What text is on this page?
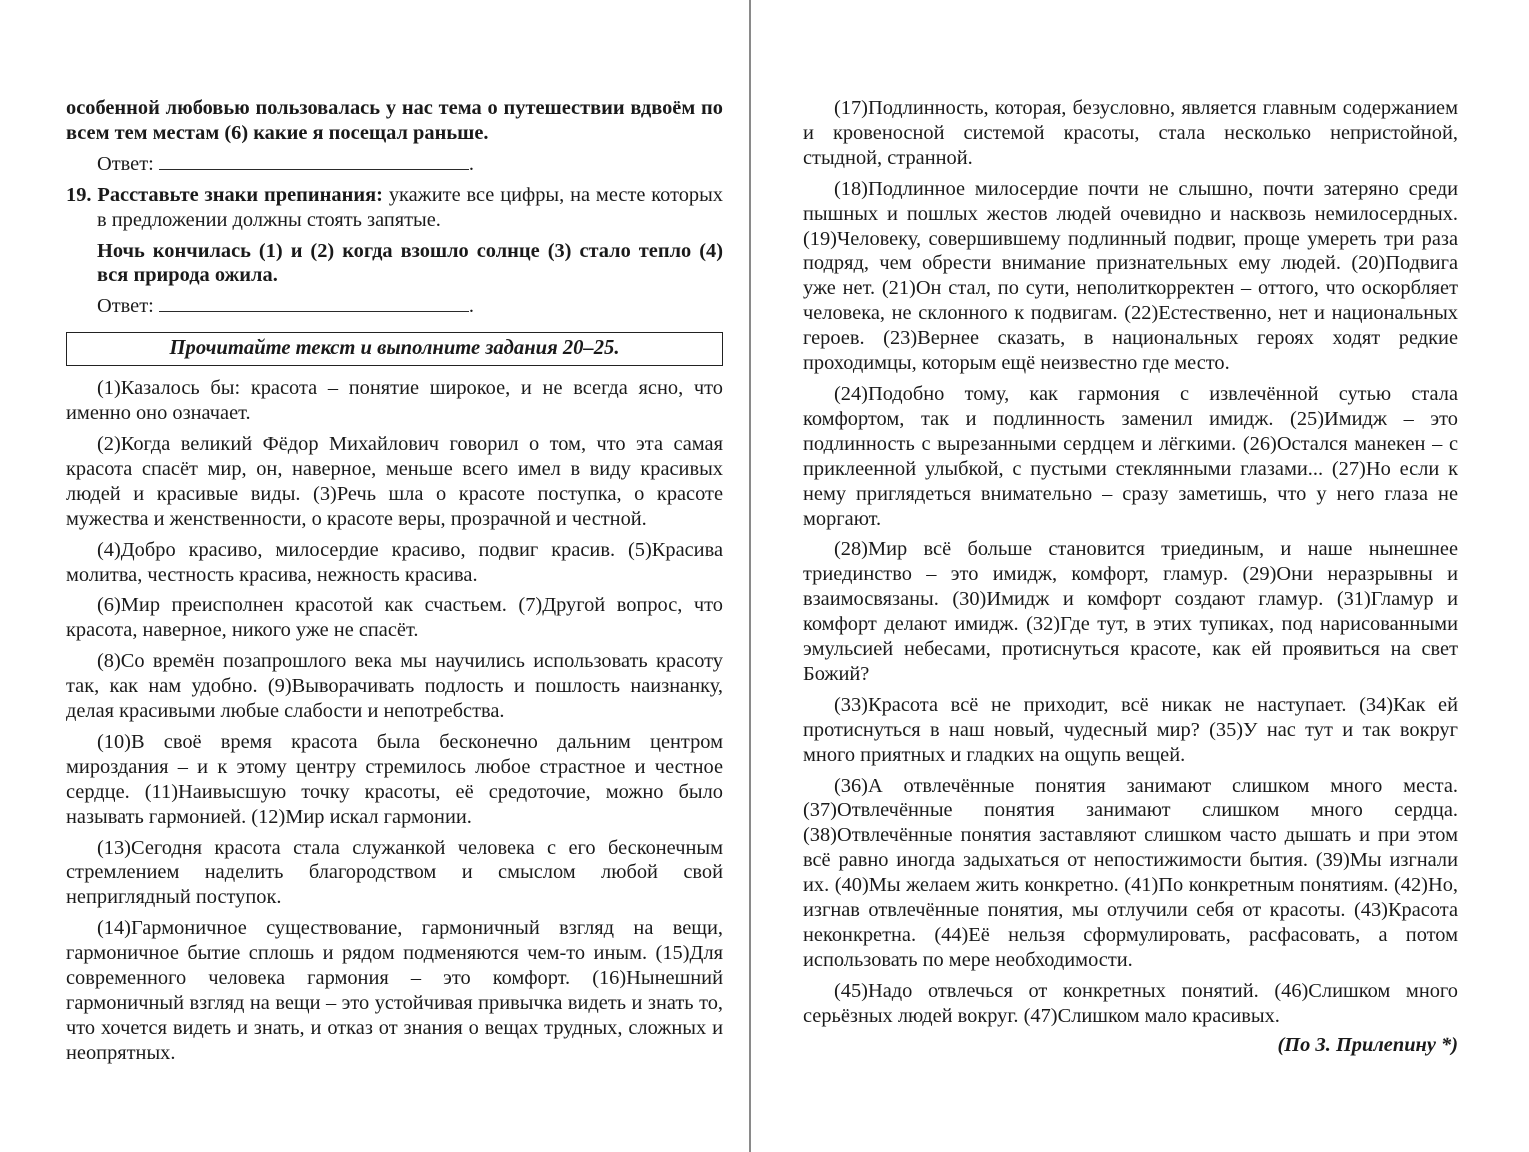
особенной любовью пользовалась у нас тема о путешествии вдвоём по всем тем местам (6) какие я посещал раньше.

Ответ:	.

19. Расставьте знаки препинания: укажите все цифры, на месте которых в предложении должны стоять запятые.

Ночь кончилась (1) и (2) когда взошло солнце (3) стало тепло (4) вся природа ожила.

Ответ:	.
Прочитайте текст и выполните задания 20–25.

(1)Казалось бы: красота – понятие широкое, и не всегда ясно, что именно оно означает.

(2)Когда великий Фёдор Михайлович говорил о том, что эта самая красота спасёт мир, он, наверное, меньше всего имел в виду красивых людей и красивые виды. (3)Речь шла о красоте поступка, о красоте мужества и женственности, о красоте веры, прозрачной и честной.

(4)Добро красиво, милосердие красиво, подвиг красив. (5)Красива молитва, честность красива, нежность красива.

(6)Мир преисполнен красотой как счастьем. (7)Другой вопрос, что красота, наверное, никого уже не спасёт.

(8)Со времён позапрошлого века мы научились использовать красоту так, как нам удобно. (9)Выворачивать подлость и пошлость наизнанку, делая красивыми любые слабости и непотребства.

(10)В своё время красота была бесконечно дальним центром мироздания – и к этому центру стремилось любое страстное и честное сердце. (11)Наивысшую точку красоты, её средоточие, можно было называть гармонией. (12)Мир искал гармонии.

(13)Сегодня красота стала служанкой человека с его бесконечным стремлением наделить благородством и смыслом любой свой неприглядный поступок.

(14)Гармоничное существование, гармоничный взгляд на вещи, гармоничное бытие сплошь и рядом подменяются чем-то иным. (15)Для современного человека гармония – это комфорт. (16)Нынешний гармоничный взгляд на вещи – это устойчивая привычка видеть и знать то, что хочется видеть и знать, и отказ от знания о вещах трудных, сложных и неопрятных.

(17)Подлинность, которая, безусловно, является главным содержанием и кровеносной системой красоты, стала несколько непристойной, стыдной, странной.

(18)Подлинное милосердие почти не слышно, почти затеряно среди пышных и пошлых жестов людей очевидно и насквозь немилосердных. (19)Человеку, совершившему подлинный подвиг, проще умереть три раза подряд, чем обрести внимание признательных ему людей. (20)Подвига уже нет. (21)Он стал, по сути, неполиткорректен – оттого, что оскорбляет человека, не склонного к подвигам. (22)Естественно, нет и национальных героев. (23)Вернее сказать, в национальных героях ходят редкие проходимцы, которым ещё неизвестно где место.

(24)Подобно тому, как гармония с извлечённой сутью стала комфортом, так и подлинность заменил имидж. (25)Имидж – это подлинность с вырезанными сердцем и лёгкими. (26)Остался манекен – с приклеенной улыбкой, с пустыми стеклянными глазами... (27)Но если к нему приглядеться внимательно – сразу заметишь, что у него глаза не моргают.

(28)Мир всё больше становится триединым, и наше нынешнее триединство – это имидж, комфорт, гламур. (29)Они неразрывны и взаимосвязаны. (30)Имидж и комфорт создают гламур. (31)Гламур и комфорт делают имидж. (32)Где тут, в этих тупиках, под нарисованными эмульсией небесами, протиснуться красоте, как ей проявиться на свет Божий?

(33)Красота всё не приходит, всё никак не наступает. (34)Как ей протиснуться в наш новый, чудесный мир? (35)У нас тут и так вокруг много приятных и гладких на ощупь вещей.

(36)А отвлечённые понятия занимают слишком много места. (37)Отвлечённые понятия занимают слишком много сердца. (38)Отвлечённые понятия заставляют слишком часто дышать и при этом всё равно иногда задыхаться от непостижимости бытия. (39)Мы изгнали их. (40)Мы желаем жить конкретно. (41)По конкретным понятиям. (42)Но, изгнав отвлечённые понятия, мы отлучили себя от красоты. (43)Красота неконкретна. (44)Её нельзя сформулировать, расфасовать, а потом использовать по мере необходимости.

(45)Надо отвлечься от конкретных понятий. (46)Слишком много серьёзных людей вокруг. (47)Слишком мало красивых.

(По З. Прилепину *)
